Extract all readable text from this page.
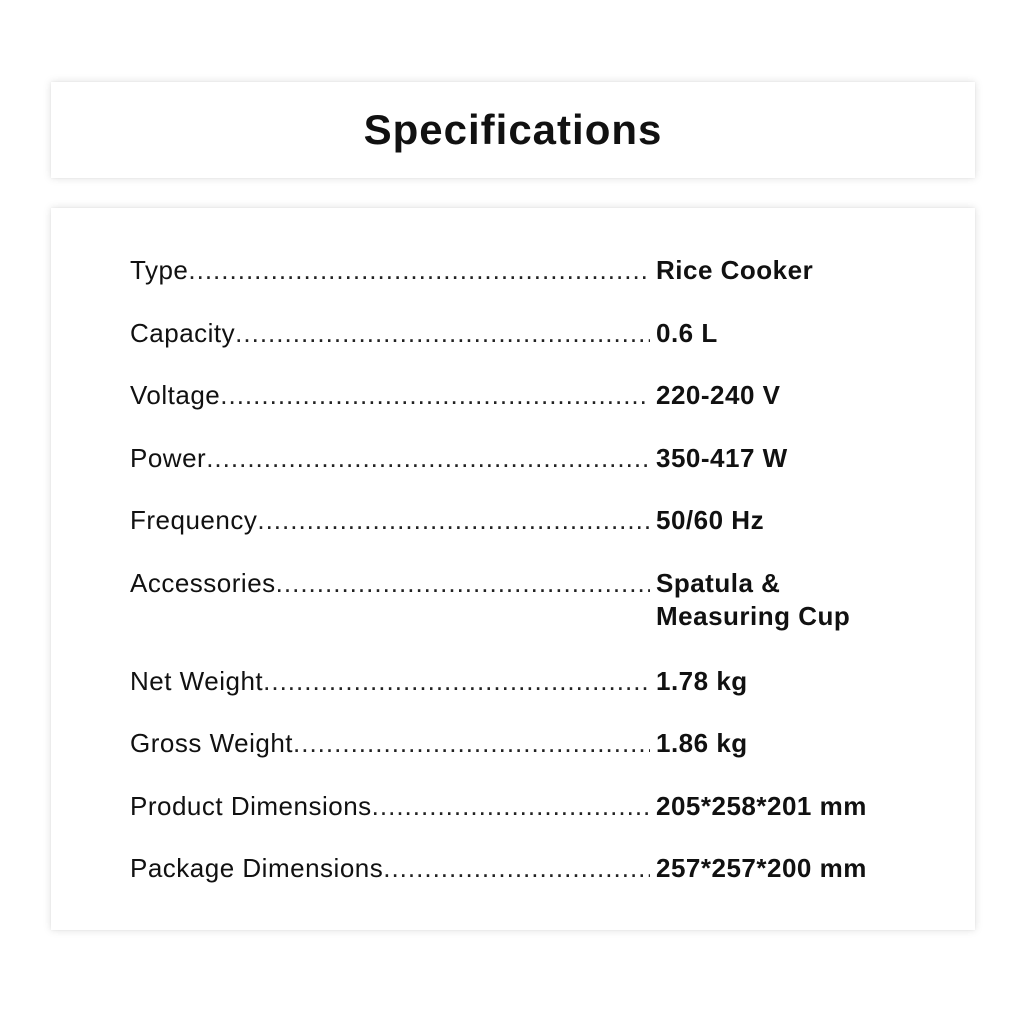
Specifications
Type .....	Rice Cooker
Capacity .....	0.6 L
Voltage .....	220-240 V
Power .....	350-417 W
Frequency .....	50/60 Hz
Accessories .....	Spatula &
Measuring Cup
Net Weight .....	1.78 kg
Gross Weight .....	1.86 kg
Product Dimensions .....	205*258*201 mm
Package Dimensions .....	257*257*200 mm
